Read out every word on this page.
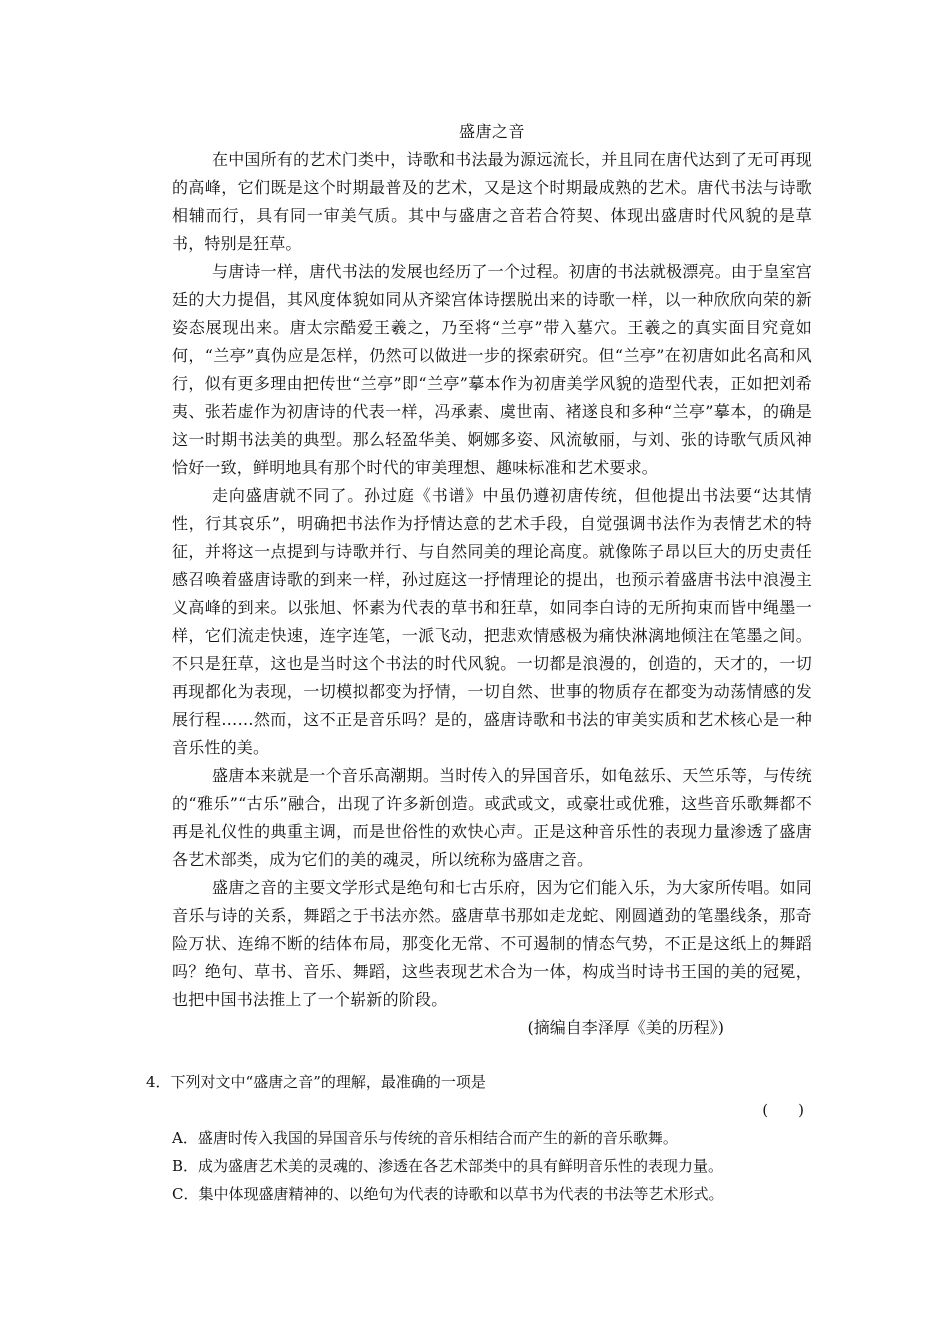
盛唐之音

在中国所有的艺术门类中，诗歌和书法最为源远流长，并且同在唐代达到了无可再现的高峰，它们既是这个时期最普及的艺术，又是这个时期最成熟的艺术。唐代书法与诗歌相辅而行，具有同一审美气质。其中与盛唐之音若合符契、体现出盛唐时代风貌的是草书，特别是狂草。

与唐诗一样，唐代书法的发展也经历了一个过程。初唐的书法就极漂亮。由于皇室宫廷的大力提倡，其风度体貌如同从齐梁宫体诗摆脱出来的诗歌一样，以一种欣欣向荣的新姿态展现出来。唐太宗酷爱王羲之，乃至将“兰亭”带入墓穴。王羲之的真实面目究竟如何，“兰亭”真伪应是怎样，仍然可以做进一步的探索研究。但“兰亭”在初唐如此名高和风行，似有更多理由把传世“兰亭”即“兰亭”摹本作为初唐美学风貌的造型代表，正如把刘希夷、张若虚作为初唐诗的代表一样，冯承素、虞世南、褚遂良和多种“兰亭”摹本，的确是这一时期书法美的典型。那么轻盈华美、婀娜多姿、风流敏丽，与刘、张的诗歌气质风神恰好一致，鲜明地具有那个时代的审美理想、趣味标准和艺术要求。

走向盛唐就不同了。孙过庭《书谱》中虽仍遵初唐传统，但他提出书法要“达其情性，行其哀乐”，明确把书法作为抒情达意的艺术手段，自觉强调书法作为表情艺术的特征，并将这一点提到与诗歌并行、与自然同美的理论高度。就像陈子昂以巨大的历史责任感召唤着盛唐诗歌的到来一样，孙过庭这一抒情理论的提出，也预示着盛唐书法中浪漫主义高峰的到来。以张旭、怀素为代表的草书和狂草，如同李白诗的无所拘束而皆中绳墨一样，它们流走快速，连字连笔，一派飞动，把悲欢情感极为痛快淋漓地倾注在笔墨之间。不只是狂草，这也是当时这个书法的时代风貌。一切都是浪漫的，创造的，天才的，一切再现都化为表现，一切模拟都变为抒情，一切自然、世事的物质存在都变为动荡情感的发展行程……然而，这不正是音乐吗？是的，盛唐诗歌和书法的审美实质和艺术核心是一种音乐性的美。

盛唐本来就是一个音乐高潮期。当时传入的异国音乐，如龟兹乐、天竺乐等，与传统的“雅乐”“古乐”融合，出现了许多新创造。或武或文，或豪壮或优雅，这些音乐歌舞都不再是礼仪性的典重主调，而是世俗性的欢快心声。正是这种音乐性的表现力量渗透了盛唐各艺术部类，成为它们的美的魂灵，所以统称为盛唐之音。

盛唐之音的主要文学形式是绝句和七古乐府，因为它们能入乐，为大家所传唱。如同音乐与诗的关系，舞蹈之于书法亦然。盛唐草书那如走龙蛇、刚圆遒劲的笔墨线条，那奇险万状、连绵不断的结体布局，那变化无常、不可遏制的情态气势，不正是这纸上的舞蹈吗？绝句、草书、音乐、舞蹈，这些表现艺术合为一体，构成当时诗书王国的美的冠冕，也把中国书法推上了一个崭新的阶段。

(摘编自李泽厚《美的历程》)

4．下列对文中“盛唐之音”的理解，最准确的一项是

(　　)

A．盛唐时传入我国的异国音乐与传统的音乐相结合而产生的新的音乐歌舞。

B．成为盛唐艺术美的灵魂的、渗透在各艺术部类中的具有鲜明音乐性的表现力量。

C．集中体现盛唐精神的、以绝句为代表的诗歌和以草书为代表的书法等艺术形式。
